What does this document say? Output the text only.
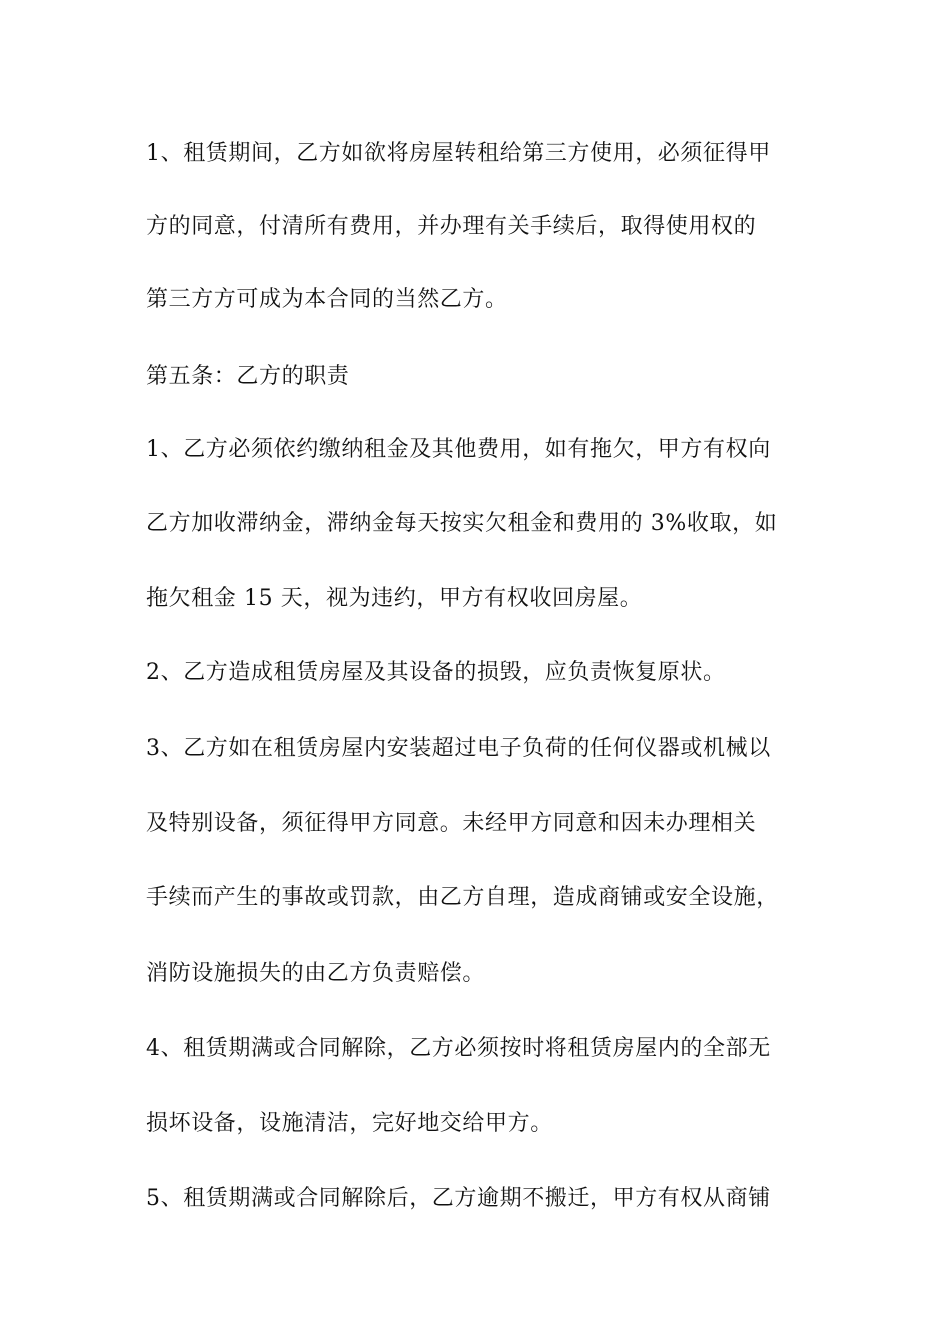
1、租赁期间，乙方如欲将房屋转租给第三方使用，必须征得甲
方的同意，付清所有费用，并办理有关手续后，取得使用权的
第三方方可成为本合同的当然乙方。
第五条：乙方的职责
1、乙方必须依约缴纳租金及其他费用，如有拖欠，甲方有权向
乙方加收滞纳金，滞纳金每天按实欠租金和费用的 3%收取，如
拖欠租金 15 天，视为违约，甲方有权收回房屋。
2、乙方造成租赁房屋及其设备的损毁，应负责恢复原状。
3、乙方如在租赁房屋内安装超过电子负荷的任何仪器或机械以
及特别设备，须征得甲方同意。未经甲方同意和因未办理相关
手续而产生的事故或罚款，由乙方自理，造成商铺或安全设施，
消防设施损失的由乙方负责赔偿。
4、租赁期满或合同解除，乙方必须按时将租赁房屋内的全部无
损坏设备，设施清洁，完好地交给甲方。
5、租赁期满或合同解除后，乙方逾期不搬迁，甲方有权从商铺
